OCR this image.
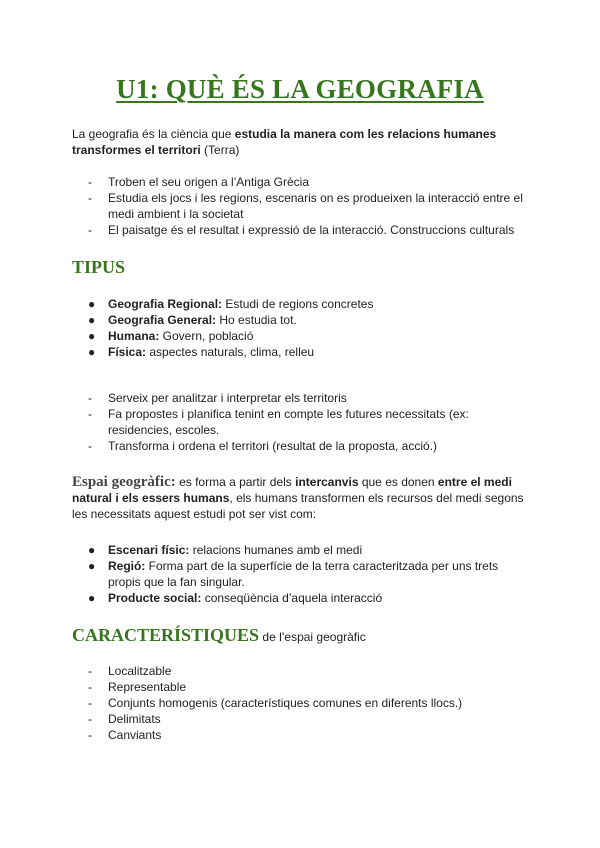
U1: QUÈ ÉS LA GEOGRAFIA
La geografia és la ciència que estudia la manera com les relacions humanes transformes el territori (Terra)
-	Troben el seu origen a l’Antiga Grècia
-	Estudia els jocs i les regions, escenaris on es produeixen la interacció entre el medi ambient i la societat
-	El paisatge és el resultat i expressió de la interacció. Construccions culturals
TIPUS
●	Geografia Regional: Estudi de regions concretes
●	Geografia General: Ho estudia tot.
●	Humana: Govern, població
●	Física: aspectes naturals, clima, relleu
-	Serveix per analitzar i interpretar els territoris
-	Fa propostes i planifica tenint en compte les futures necessitats (ex: residencies, escoles.
-	Transforma i ordena el territori (resultat de la proposta, acció.)
Espai geogràfic: es forma a partir dels intercanvis que es donen entre el medi natural i els essers humans, els humans transformen els recursos del medi segons les necessitats aquest estudi pot ser vist com:
●	Escenari físic: relacions humanes amb el medi
●	Regió: Forma part de la superfície de la terra caracteritzada per uns trets propis que la fan singular.
●	Producte social: conseqüència d’aquela interacció
CARACTERÍSTIQUES de l’espai geogràfic
-	Localitzable
-	Representable
-	Conjunts homogenis (característiques comunes en diferents llocs.)
-	Delimitats
-	Canviants
